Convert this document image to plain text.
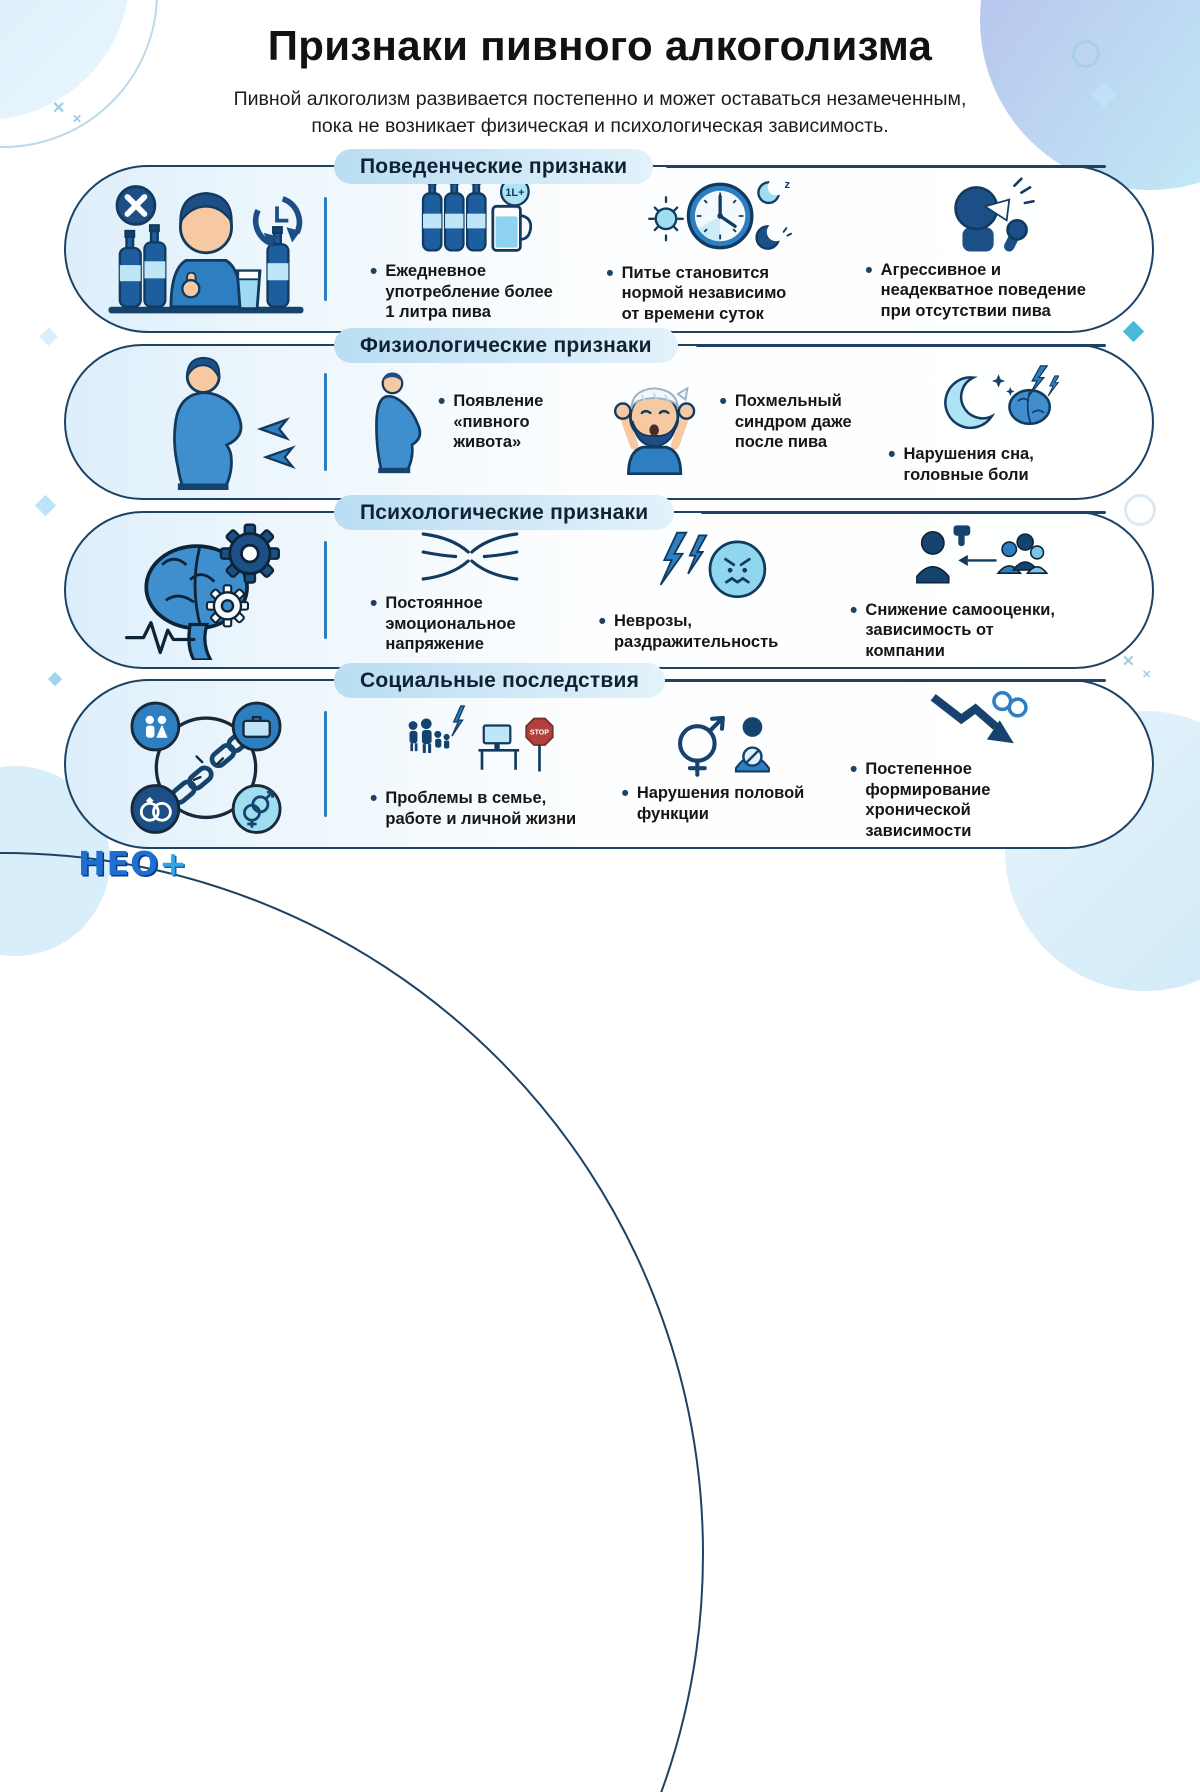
✕
✕
✕
✕
Признаки пивного алкоголизма
Пивной алкоголизм развивается постепенно и может оставаться незамеченным,
пока не возникает физическая и психологическая зависимость.
Поведенческие признаки
1L+
• Ежедневное употребление более 1 литра пива
z
• Питье становится нормой независимо от времени суток
• Агрессивное и неадекватное поведение при отсутствии пива
Физиологические признаки
• Появление «пивного живота»
• Похмельный синдром даже после пива
• Нарушения сна, головные боли
Психологические признаки
• Постоянное эмоциональное напряжение
• Неврозы, раздражительность
• Снижение самооценки, зависимость от компании
Социальные последствия
STOP
• Проблемы в семье, работе и личной жизни
• Нарушения половой функции
• Постепенное формирование хронической зависимости
НЕО+
